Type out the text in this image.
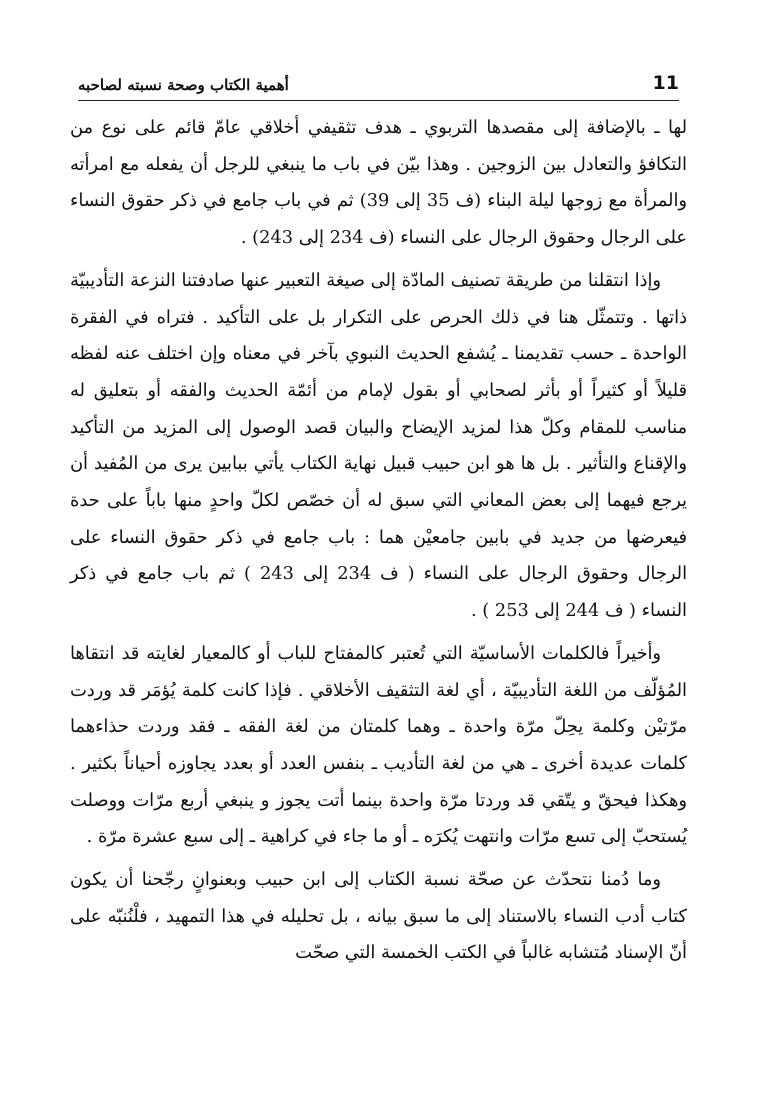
11
أهمية الكتاب وصحة نسبته لصاحبه

لها ـ بالإضافة إلى مقصدها التربوي ـ هدف تثقيفي أخلاقي عامّ قائم على نوع من التكافؤ والتعادل بين الزوجين . وهذا بيّن في باب ما ينبغي للرجل أن يفعله مع امرأته والمرأة مع زوجها ليلة البناء (ف 35 إلى 39) ثم في باب جامع في ذكر حقوق النساء على الرجال وحقوق الرجال على النساء (ف 234 إلى 243) .

وإذا انتقلنا من طريقة تصنيف المادّة إلى صيغة التعبير عنها صادفتنا النزعة التأديبيّة ذاتها . وتتمثّل هنا في ذلك الحرص على التكرار بل على التأكيد . فتراه في الفقرة الواحدة ـ حسب تقديمنا ـ يُشفع الحديث النبوي بآخر في معناه وإن اختلف عنه لفظه قليلاً أو كثيراً أو بأثر لصحابي أو بقول لإمام من أئمّة الحديث والفقه أو بتعليق له مناسب للمقام وكلّ هذا لمزيد الإيضاح والبيان قصد الوصول إلى المزيد من التأكيد والإقناع والتأثير . بل ها هو ابن حبيب قبيل نهاية الكتاب يأتي ببابين يرى من المُفيد أن يرجع فيهما إلى بعض المعاني التي سبق له أن خصّص لكلّ واحدٍ منها باباً على حدة فيعرضها من جديد في بابين جامعيْن هما : باب جامع في ذكر حقوق النساء على الرجال وحقوق الرجال على النساء ( ف 234 إلى 243 ) ثم باب جامع في ذكر النساء ( ف 244 إلى 253 ) .

وأخيراً فالكلمات الأساسيّة التي تُعتبر كالمفتاح للباب أو كالمعيار لغايته قد انتقاها المُؤلّف من اللغة التأديبيّة ، أي لغة التثقيف الأخلاقي . فإذا كانت كلمة يُؤمَر قد وردت مرّتيْن وكلمة يحِلّ مرّة واحدة ـ وهما كلمتان من لغة الفقه ـ فقد وردت حذاءهما كلمات عديدة أخرى ـ هي من لغة التأديب ـ بنفس العدد أو بعدد يجاوزه أحياناً بكثير . وهكذا فيحقّ و يتّقي قد وردتا مرّة واحدة بينما أتت يجوز و ينبغي أربع مرّات ووصلت يُستحبّ إلى تسع مرّات وانتهت يُكرَه ـ أو ما جاء في كراهية ـ إلى سبع عشرة مرّة .

وما دُمنا نتحدّث عن صحّة نسبة الكتاب إلى ابن حبيب وبعنوانٍ رجّحنا أن يكون كتاب أدب النساء بالاستناد إلى ما سبق بيانه ، بل تحليله في هذا التمهيد ، فلْنُنبّه على أنّ الإسناد مُتشابه غالباً في الكتب الخمسة التي صحّت
